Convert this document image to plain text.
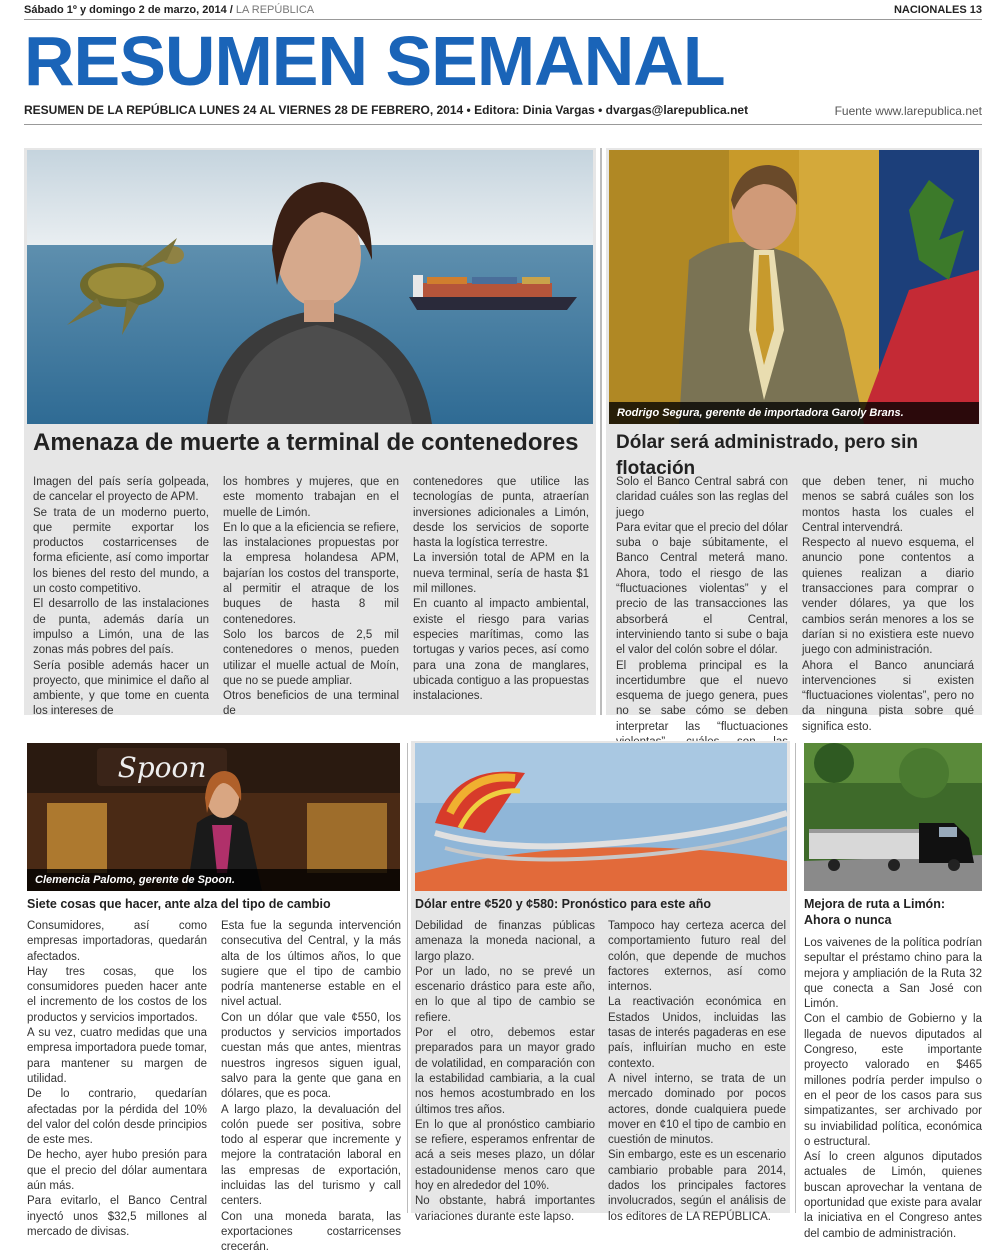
Sábado 1º y domingo 2 de marzo, 2014 / LA REPÚBLICA	NACIONALES 13
RESUMEN SEMANAL
RESUMEN DE LA REPÚBLICA LUNES 24 AL VIERNES 28 DE FEBRERO, 2014 • Editora: Dinia Vargas • dvargas@larepublica.net	Fuente www.larepublica.net
Amenaza de muerte a terminal de contenedores

Imagen del país sería golpeada, de cancelar el proyecto de APM.

Se trata de un moderno puerto, que permite exportar los productos costarricenses de forma eficiente, así como importar los bienes del resto del mundo, a un costo competitivo.

El desarrollo de las instalaciones de punta, además daría un impulso a Limón, una de las zonas más pobres del país.

Sería posible además hacer un proyecto, que minimice el daño al ambiente, y que tome en cuenta los intereses de

los hombres y mujeres, que en este momento trabajan en el muelle de Limón.

En lo que a la eficiencia se refiere, las instalaciones propuestas por la empresa holandesa APM, bajarían los costos del transporte, al permitir el atraque de los buques de hasta 8 mil contenedores.

Solo los barcos de 2,5 mil contenedores o menos, pueden utilizar el muelle actual de Moín, que no se puede ampliar.

Otros beneficios de una terminal de

contenedores que utilice las tecnologías de punta, atraerían inversiones adicionales a Limón, desde los servicios de soporte hasta la logística terrestre.

La inversión total de APM en la nueva terminal, sería de hasta $1 mil millones.

En cuanto al impacto ambiental, existe el riesgo para varias especies marítimas, como las tortugas y varios peces, así como para una zona de manglares, ubicada contiguo a las propuestas instalaciones.

Rodrigo Segura, gerente de importadora Garoly Brans.
Dólar será administrado, pero sin flotación

Solo el Banco Central sabrá con claridad cuáles son las reglas del juego

Para evitar que el precio del dólar suba o baje súbitamente, el Banco Central meterá mano. Ahora, todo el riesgo de las “fluctuaciones violentas” y el precio de las transacciones las absorberá el Central, interviniendo tanto si sube o baja el valor del colón sobre el dólar.

El problema principal es la incertidumbre que el nuevo esquema de juego genera, pues no se sabe cómo se deben interpretar las “fluctuaciones

que deben tener, ni mucho menos se sabrá cuáles son los montos hasta los cuales el Central intervendrá.

Respecto al nuevo esquema, el anuncio pone contentos a quienes realizan a diario transacciones para comprar o vender dólares, ya que los cambios serán menores a los se darían si no existiera este nuevo juego con administración.

Ahora el Banco anunciará intervenciones si existen “fluctuaciones violentas”, pero no da ninguna pista sobre qué significa esto.

Spoon
Clemencia Palomo, gerente de Spoon.
Siete cosas que hacer, ante alza del tipo de cambio

Consumidores, así como empresas importadoras, quedarán afectados.

Hay tres cosas, que los consumidores pueden hacer ante el incremento de los costos de los productos y servicios importados.

A su vez, cuatro medidas que una empresa importadora puede tomar, para mantener su margen de utilidad.

De lo contrario, quedarían afectadas por la pérdida del 10% del valor del colón desde principios de este mes.

De hecho, ayer hubo presión para que el precio del dólar aumentara aún más.

Para evitarlo, el Banco Central inyectó unos $32,5 millones al mercado de divisas.

Esta fue la segunda intervención consecutiva del Central, y la más alta de los últimos años, lo que sugiere que el tipo de cambio podría mantenerse estable en el nivel actual.

Con un dólar que vale ¢550, los productos y servicios importados cuestan más que antes, mientras nuestros ingresos siguen igual, salvo para la gente que gana en dólares, que es poca.

A largo plazo, la devaluación del colón puede ser positiva, sobre todo al esperar que incremente y mejore la contratación laboral en las empresas de exportación, incluidas las del turismo y call centers.

Con una moneda barata, las exportaciones costarricenses crecerán.

Dólar entre ¢520 y ¢580: Pronóstico para este año

Debilidad de finanzas públicas amenaza la moneda nacional, a largo plazo.

Por un lado, no se prevé un escenario drástico para este año, en lo que al tipo de cambio se refiere.

Por el otro, debemos estar preparados para un mayor grado de volatilidad, en comparación con la estabilidad cambiaria, a la cual nos hemos acostumbrado en los últimos tres años.

En lo que al pronóstico cambiario se refiere, esperamos enfrentar de acá a seis meses plazo, un dólar estadounidense menos caro que hoy en alrededor del 10%.

No obstante, habrá importantes variaciones durante este lapso.

Tampoco hay certeza acerca del comportamiento futuro real del colón, que depende de muchos factores externos, así como internos.

La reactivación económica en Estados Unidos, incluidas las tasas de interés pagaderas en ese país, influirían mucho en este contexto.

A nivel interno, se trata de un mercado dominado por pocos actores, donde cualquiera puede mover en ¢10 el tipo de cambio en cuestión de minutos.

Sin embargo, este es un escenario cambiario probable para 2014, dados los principales factores involucrados, según el análisis de los editores de LA REPÚBLICA.

Mejora de ruta a Limón: Ahora o nunca

Los vaivenes de la política podrían sepultar el préstamo chino para la mejora y ampliación de la Ruta 32 que conecta a San José con Limón.

Con el cambio de Gobierno y la llegada de nuevos diputados al Congreso, este importante proyecto valorado en $465 millones podría perder impulso o en el peor de los casos para sus simpatizantes, ser archivado por su inviabilidad política, económica o estructural.

Así lo creen algunos diputados actuales de Limón, quienes buscan aprovechar la ventana de oportunidad que existe para avalar la iniciativa en el Congreso antes del cambio de administración.
